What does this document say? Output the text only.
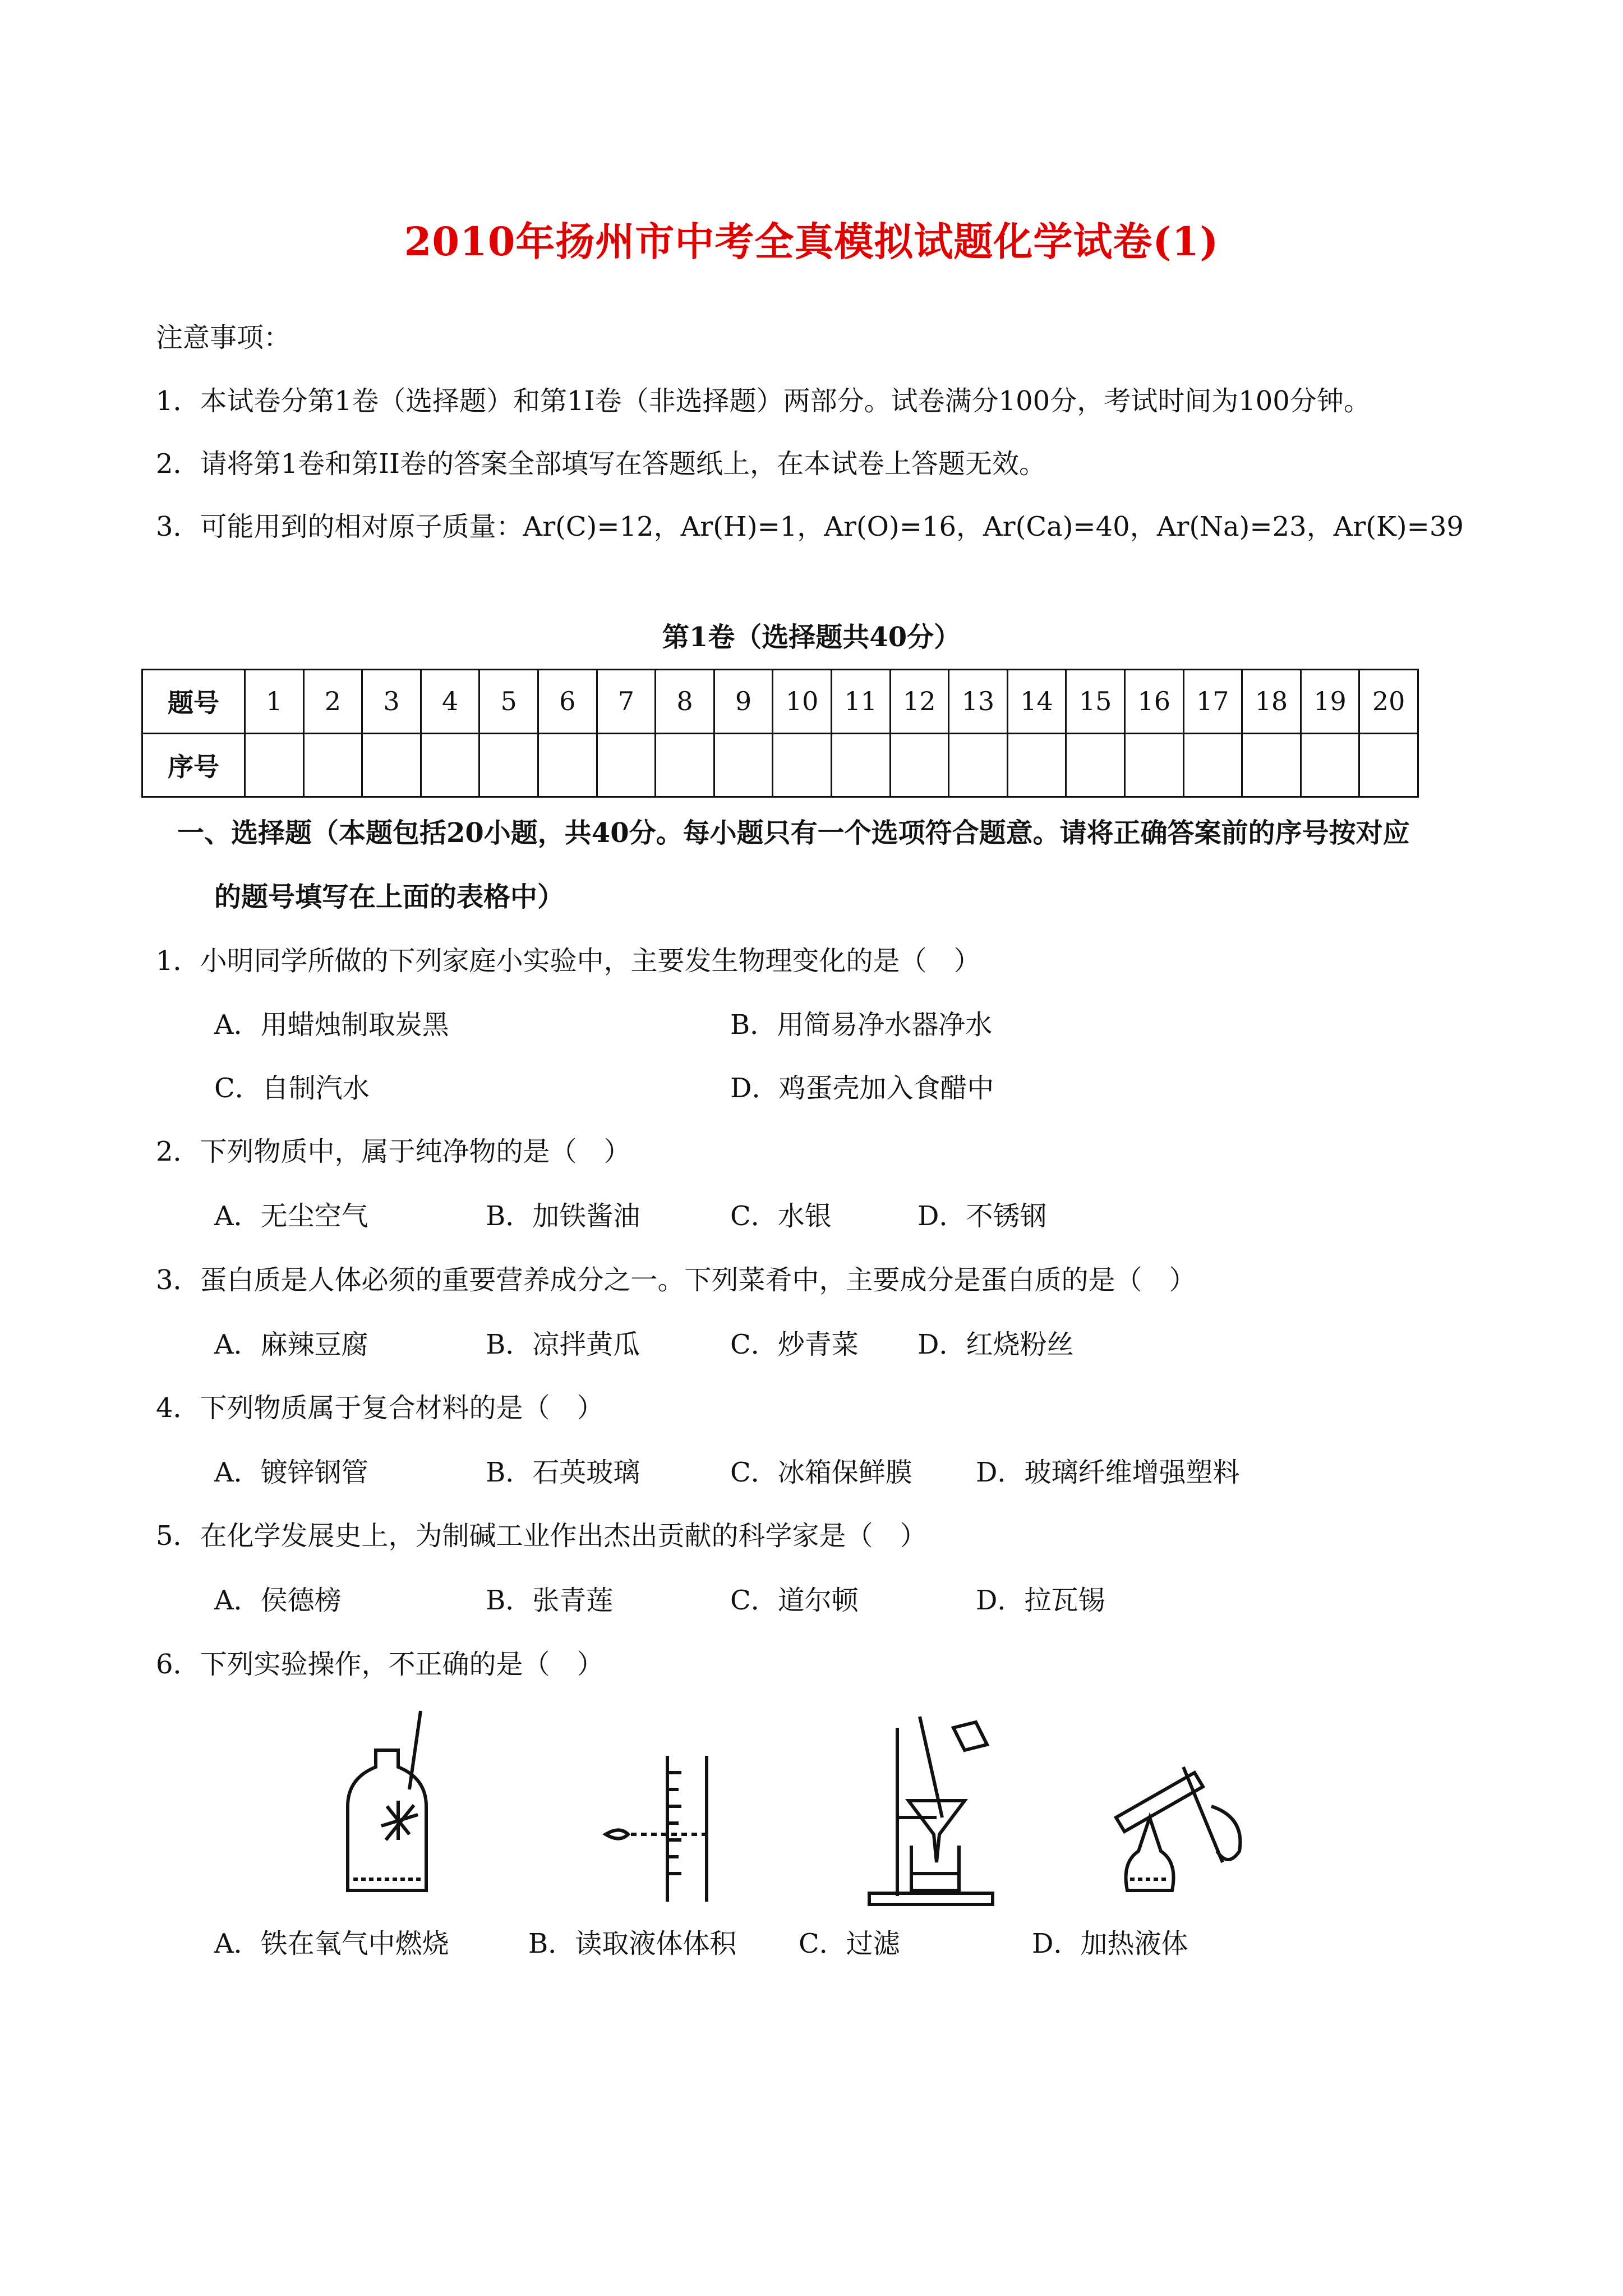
2010年扬州市中考全真模拟试题化学试卷(1)
注意事项：
1．本试卷分第1卷（选择题）和第1I卷（非选择题）两部分。试卷满分100分，考试时间为100分钟。
2．请将第1卷和第II卷的答案全部填写在答题纸上，在本试卷上答题无效。
3．可能用到的相对原子质量：Ar(C)=12，Ar(H)=1，Ar(O)=16，Ar(Ca)=40，Ar(Na)=23，Ar(K)=39
第1卷（选择题共40分）
题号	1	2	3	4	5	6	7	8	9	10	11	12	13	14	15	16	17	18	19	20
序号																				
一、选择题（本题包括20小题，共40分。每小题只有一个选项符合题意。请将正确答案前的序号按对应
的题号填写在上面的表格中）
1．小明同学所做的下列家庭小实验中，主要发生物理变化的是（　）
A．用蜡烛制取炭黑	B．用简易净水器净水
C．自制汽水	D．鸡蛋壳加入食醋中
2．下列物质中，属于纯净物的是（　）
A．无尘空气	B．加铁酱油	C．水银	D．不锈钢
3．蛋白质是人体必须的重要营养成分之一。下列菜肴中，主要成分是蛋白质的是（　）
A．麻辣豆腐	B．凉拌黄瓜	C．炒青菜 D．红烧粉丝
4．下列物质属于复合材料的是（　）
A．镀锌钢管	B．石英玻璃	C．冰箱保鲜膜 D．玻璃纤维增强塑料
5．在化学发展史上，为制碱工业作出杰出贡献的科学家是（　）
A．侯德榜	B．张青莲	C．道尔顿	D．拉瓦锡
6．下列实验操作，不正确的是（　）
A．铁在氧气中燃烧	B．读取液体体积 C．过滤	D．加热液体
